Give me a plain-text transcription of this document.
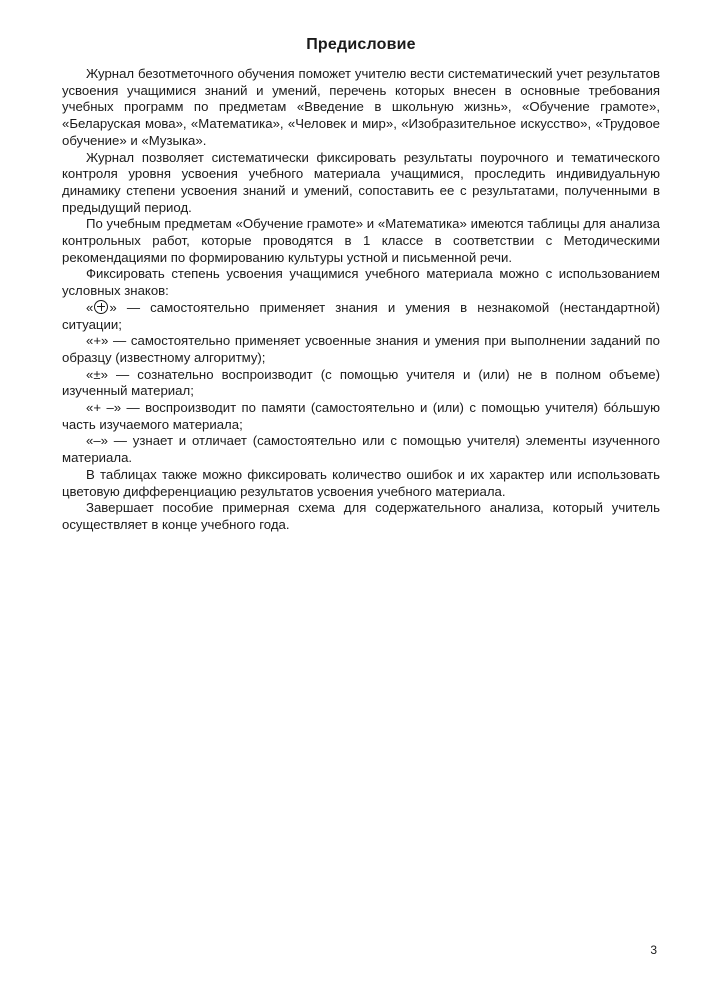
Предисловие

Журнал безотметочного обучения поможет учителю вести систематический учет результатов усвоения учащимися знаний и умений, перечень которых внесен в основные требования учебных программ по предметам «Введение в школьную жизнь», «Обучение грамоте», «Беларуская мова», «Математика», «Человек и мир», «Изобразительное искусство», «Трудовое обучение» и «Музыка».

Журнал позволяет систематически фиксировать результаты поурочного и тематического контроля уровня усвоения учебного материала учащимися, проследить индивидуальную динамику степени усвоения знаний и умений, сопоставить ее с результатами, полученными в предыдущий период.

По учебным предметам «Обучение грамоте» и «Математика» имеются таблицы для анализа контрольных работ, которые проводятся в 1 классе в соответствии с Методическими рекомендациями по формированию культуры устной и письменной речи.

Фиксировать степень усвоения учащимися учебного материала можно с использованием условных знаков:

« » — самостоятельно применяет знания и умения в незнакомой (нестандартной) ситуации;

«+» — самостоятельно применяет усвоенные знания и умения при выполнении заданий по образцу (известному алгоритму);

«±» — сознательно воспроизводит (с помощью учителя и (или) не в полном объеме) изученный материал;

«+ –» — воспроизводит по памяти (самостоятельно и (или) с помощью учителя) бóльшую часть изучаемого материала;

«–» — узнает и отличает (самостоятельно или с помощью учителя) элементы изученного материала.

В таблицах также можно фиксировать количество ошибок и их характер или использовать цветовую дифференциацию результатов усвоения учебного материала.

Завершает пособие примерная схема для содержательного анализа, который учитель осуществляет в конце учебного года.

3
